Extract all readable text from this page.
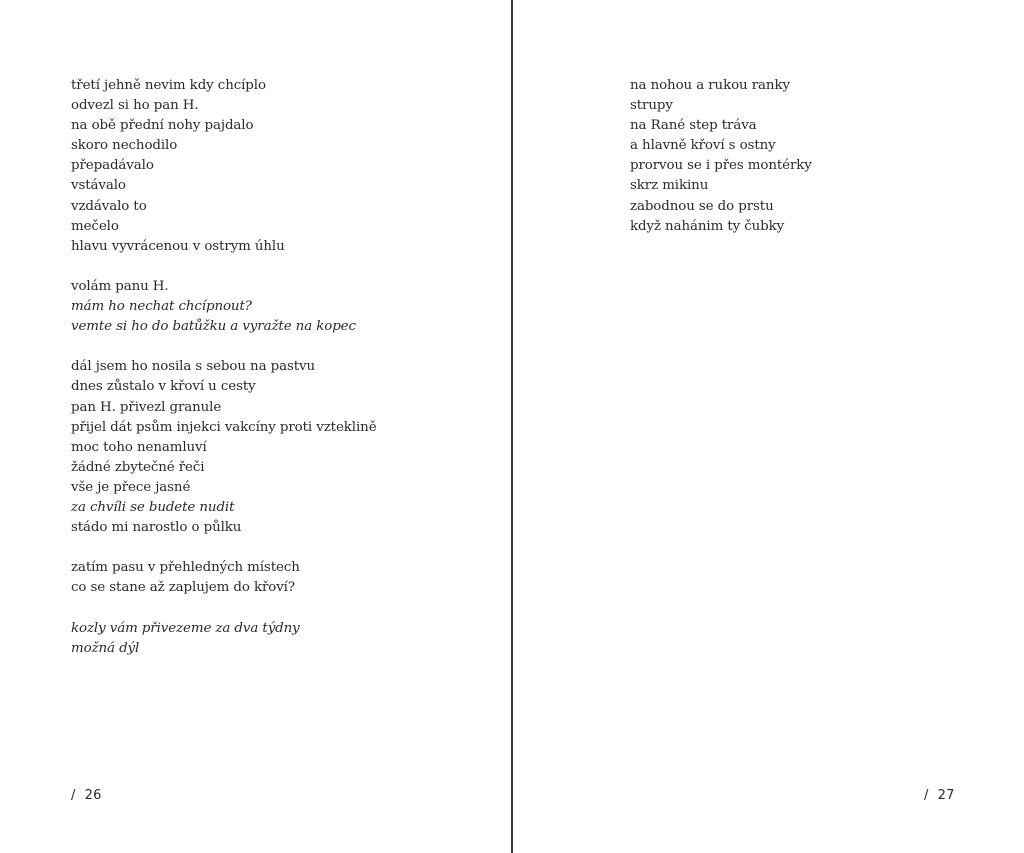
třetí jehně nevim kdy chcíplo
odvezl si ho pan H.
na obě přední nohy pajdalo
skoro nechodilo
přepadávalo
vstávalo
vzdávalo to
mečelo
hlavu vyvrácenou v ostrym úhlu
volám panu H.
mám ho nechat chcípnout?
vemte si ho do batůžku a vyražte na kopec
dál jsem ho nosila s sebou na pastvu
dnes zůstalo v křoví u cesty
pan H. přivezl granule
přijel dát psům injekci vakcíny proti vzteklině
moc toho nenamluví
žádné zbytečné řeči
vše je přece jasné
za chvíli se budete nudit
stádo mi narostlo o půlku
zatím pasu v přehledných místech
co se stane až zaplujem do křoví?
kozly vám přivezeme za dva týdny
možná dýl
/ 26
na nohou a rukou ranky
strupy
na Rané step tráva
a hlavně křoví s ostny
prorvou se i přes montérky
skrz mikinu
zabodnou se do prstu
když nahánim ty čubky
/ 27
